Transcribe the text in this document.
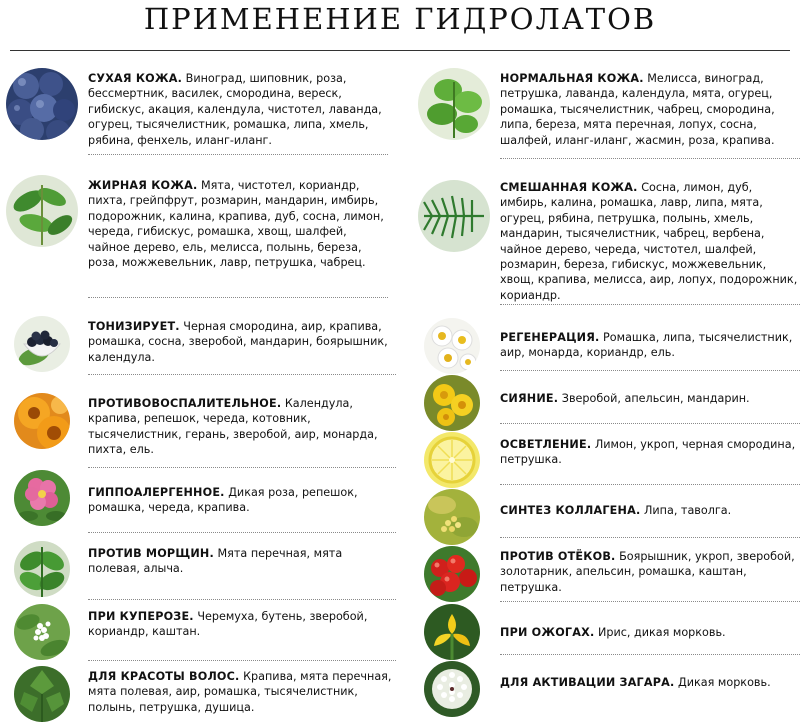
ПРИМЕНЕНИЕ ГИДРОЛАТОВ
СУХАЯ КОЖА. Виноград, шиповник, роза, бессмертник, василек, смородина, вереск, гибискус, акация, календула, чистотел, лаванда, огурец, тысячелистник, ромашка, липа, хмель, рябина, фенхель, иланг-иланг.
ЖИРНАЯ КОЖА. Мята, чистотел, кориандр, пихта, грейпфрут, розмарин, мандарин, имбирь, подорожник, калина, крапива, дуб, сосна, лимон, череда, гибискус, ромашка, хвощ, шалфей, чайное дерево, ель, мелисса, полынь, береза, роза, можжевельник, лавр, петрушка, чабрец.
ТОНИЗИРУЕТ. Черная смородина, аир, крапива, ромашка, сосна, зверобой, мандарин, боярышник, календула.
ПРОТИВОВОСПАЛИТЕЛЬНОЕ. Календула, крапива, репешок, череда, котовник, тысячелистник, герань, зверобой, аир, монарда, пихта, ель.
ГИППОАЛЕРГЕННОЕ. Дикая роза, репешок, ромашка, череда, крапива.
ПРОТИВ МОРЩИН. Мята перечная, мята полевая, алыча.
ПРИ КУПЕРОЗЕ. Черемуха, бутень, зверобой, кориандр, каштан.
ДЛЯ КРАСОТЫ ВОЛОС. Крапива, мята перечная, мята полевая, аир, ромашка, тысячелистник, полынь, петрушка, душица.
НОРМАЛЬНАЯ КОЖА. Мелисса, виноград, петрушка, лаванда, календула, мята, огурец, ромашка, тысячелистник, чабрец, смородина, липа, береза, мята перечная, лопух, сосна, шалфей, иланг-иланг, жасмин, роза, крапива.
СМЕШАННАЯ КОЖА. Сосна, лимон, дуб, имбирь, калина, ромашка, лавр, липа, мята, огурец, рябина, петрушка, полынь, хмель, мандарин, тысячелистник, чабрец, вербена, чайное дерево, череда, чистотел, шалфей, розмарин, береза, гибискус, можжевельник, хвощ, крапива, мелисса, аир, лопух, подорожник, кориандр.
РЕГЕНЕРАЦИЯ. Ромашка, липа, тысячелистник, аир, монарда, кориандр, ель.
СИЯНИЕ. Зверобой, апельсин, мандарин.
ОСВЕТЛЕНИЕ. Лимон, укроп, черная смородина, петрушка.
СИНТЕЗ КОЛЛАГЕНА. Липа, таволга.
ПРОТИВ ОТЁКОВ. Боярышник, укроп, зверобой, золотарник, апельсин, ромашка, каштан, петрушка.
ПРИ ОЖОГАХ. Ирис, дикая морковь.
ДЛЯ АКТИВАЦИИ ЗАГАРА. Дикая морковь.
